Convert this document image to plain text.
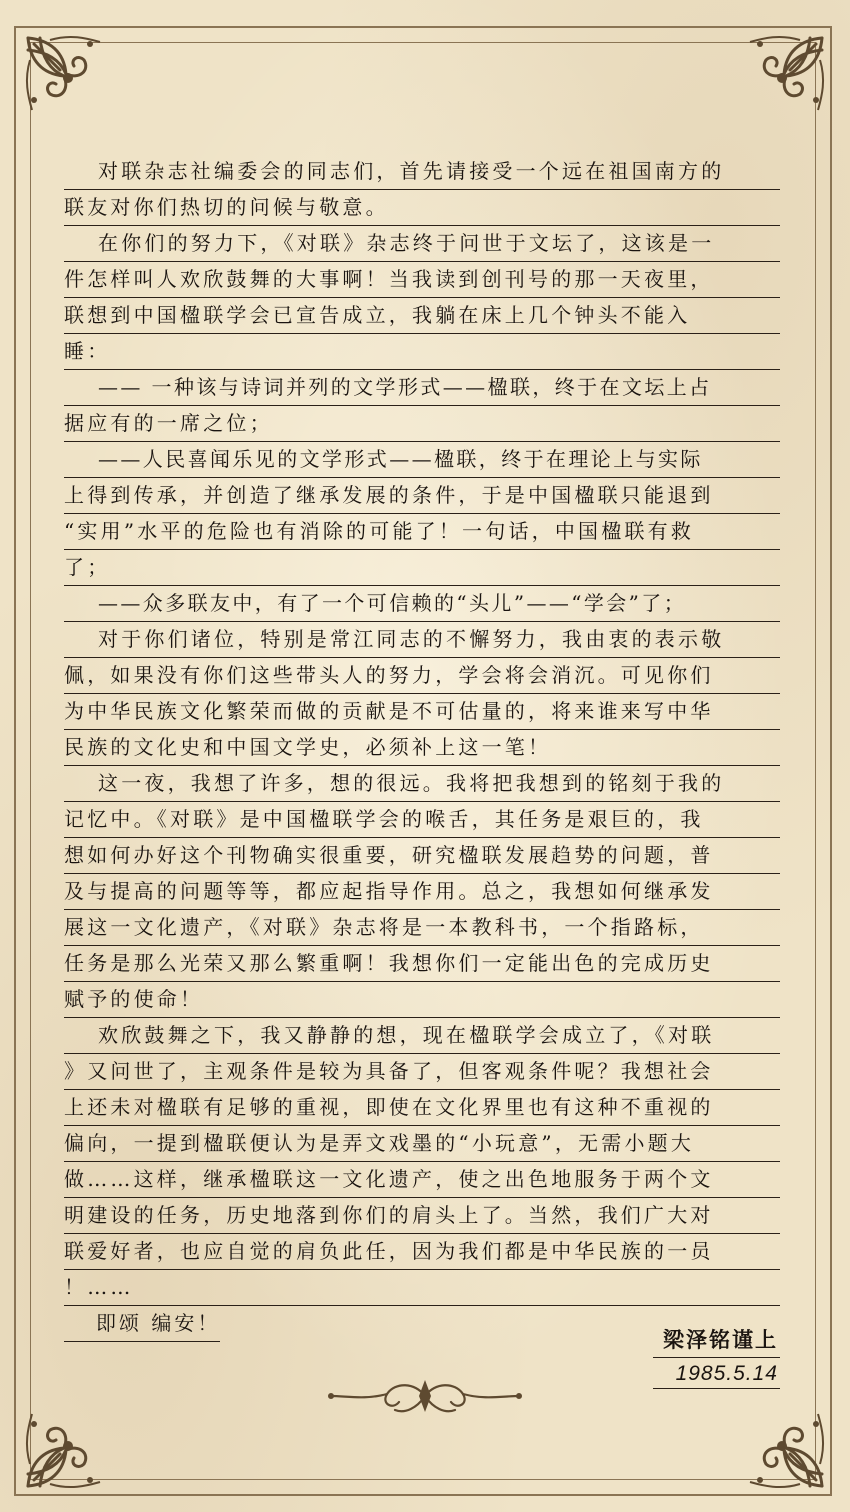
对联杂志社编委会的同志们，首先请接受一个远在祖国南方的
联友对你们热切的问候与敬意。
在你们的努力下，《对联》杂志终于问世于文坛了，这该是一
件怎样叫人欢欣鼓舞的大事啊！当我读到创刊号的那一天夜里，
联想到中国楹联学会已宣告成立，我躺在床上几个钟头不能入
睡：
—— 一种该与诗词并列的文学形式——楹联，终于在文坛上占
据应有的一席之位；
——人民喜闻乐见的文学形式——楹联，终于在理论上与实际
上得到传承，并创造了继承发展的条件，于是中国楹联只能退到
“实用”水平的危险也有消除的可能了！一句话，中国楹联有救
了；
——众多联友中，有了一个可信赖的“头儿”——“学会”了；
对于你们诸位，特别是常江同志的不懈努力，我由衷的表示敬
佩，如果没有你们这些带头人的努力，学会将会消沉。可见你们
为中华民族文化繁荣而做的贡献是不可估量的，将来谁来写中华
民族的文化史和中国文学史，必须补上这一笔！
这一夜，我想了许多，想的很远。我将把我想到的铭刻于我的
记忆中。《对联》是中国楹联学会的喉舌，其任务是艰巨的，我
想如何办好这个刊物确实很重要，研究楹联发展趋势的问题，普
及与提高的问题等等，都应起指导作用。总之，我想如何继承发
展这一文化遗产，《对联》杂志将是一本教科书，一个指路标，
任务是那么光荣又那么繁重啊！我想你们一定能出色的完成历史
赋予的使命！
欢欣鼓舞之下，我又静静的想，现在楹联学会成立了，《对联
》又问世了，主观条件是较为具备了，但客观条件呢？我想社会
上还未对楹联有足够的重视，即使在文化界里也有这种不重视的
偏向，一提到楹联便认为是弄文戏墨的“小玩意”，无需小题大
做……这样，继承楹联这一文化遗产，使之出色地服务于两个文
明建设的任务，历史地落到你们的肩头上了。当然，我们广大对
联爱好者，也应自觉的肩负此任，因为我们都是中华民族的一员
！……
即颂 编安！
梁泽铭谨上
1985.5.14
